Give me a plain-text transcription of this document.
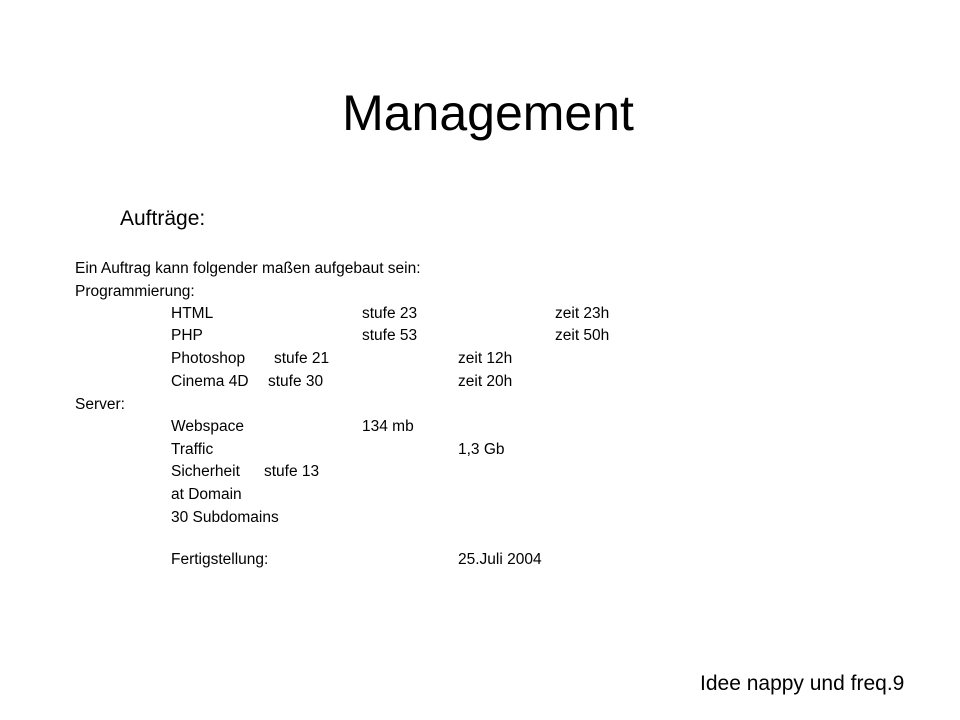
Management
Aufträge:
Ein Auftrag kann folgender maßen aufgebaut sein:
Programmierung:
HTML	stufe 23	zeit 23h
PHP	stufe 53	zeit 50h
Photoshop stufe 21	zeit 12h
Cinema 4D stufe 30	zeit 20h
Server:
Webspace	134 mb
Traffic	1,3 Gb
Sicherheit stufe 13
at Domain
30 Subdomains
Fertigstellung:	25.Juli 2004
Idee nappy und freq.9
